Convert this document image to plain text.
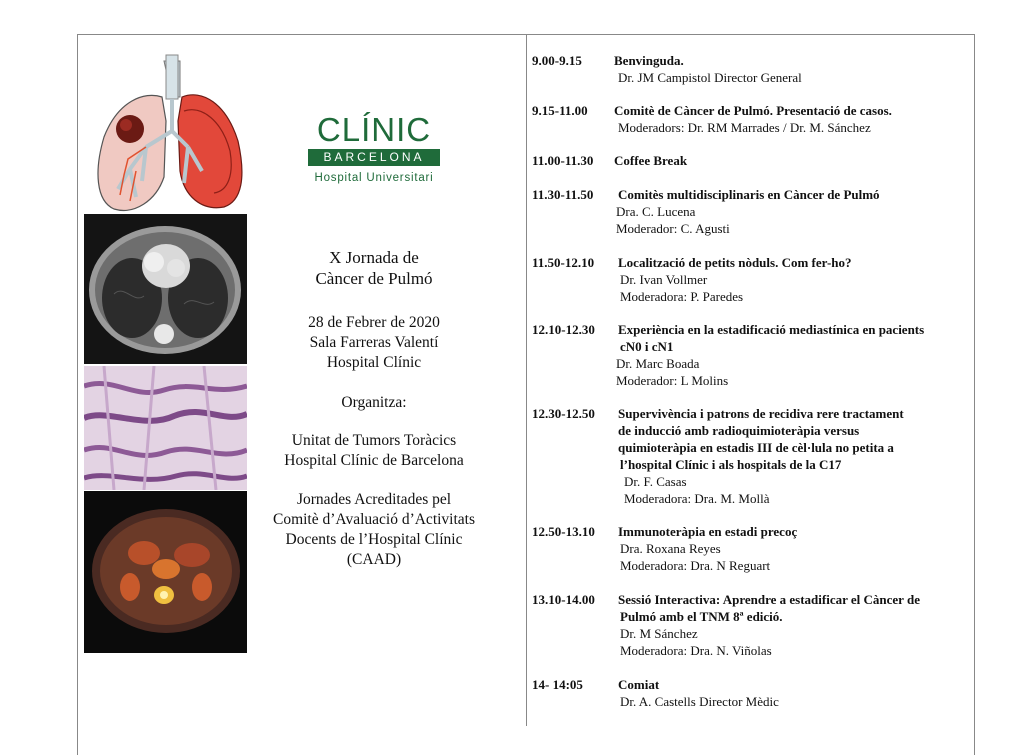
CLÍNIC
BARCELONA
Hospital Universitari
X Jornada de
Càncer de Pulmó
28 de Febrer de 2020
Sala Farreras Valentí
Hospital Clínic
Organitza:
Unitat de Tumors Toràcics
Hospital Clínic de Barcelona
Jornades Acreditades pel
Comitè d’Avaluació d’Activitats
Docents de l’Hospital Clínic
(CAAD)
9.00-9.15 Benvinguda.
Dr. JM Campistol Director General
9.15-11.00 Comitè de Càncer de Pulmó. Presentació de casos.
Moderadors: Dr. RM Marrades / Dr. M. Sánchez
11.00-11.30 Coffee Break
11.30-11.50 Comitès multidisciplinaris en Càncer de Pulmó
Dra. C. Lucena
Moderador: C. Agusti
11.50-12.10 Localització de petits nòduls. Com fer-ho?
Dr. Ivan Vollmer
Moderadora: P. Paredes
12.10-12.30 Experiència en la estadificació mediastínica en pacients
cN0 i cN1
Dr. Marc Boada
Moderador: L Molins
12.30-12.50 Supervivència i patrons de recidiva rere tractament
de inducció amb radioquimioteràpia versus
quimioteràpia en estadis III de cèl·lula no petita a
l’hospital Clínic i als hospitals de la C17
Dr. F. Casas
Moderadora: Dra. M. Mollà
12.50-13.10 Immunoteràpia en estadi precoç
Dra. Roxana Reyes
Moderadora: Dra. N Reguart
13.10-14.00 Sessió Interactiva: Aprendre a estadificar el Càncer de
Pulmó amb el TNM 8ª edició.
Dr. M Sánchez
Moderadora: Dra. N. Viñolas
14- 14:05	Comiat
Dr. A. Castells Director Mèdic
